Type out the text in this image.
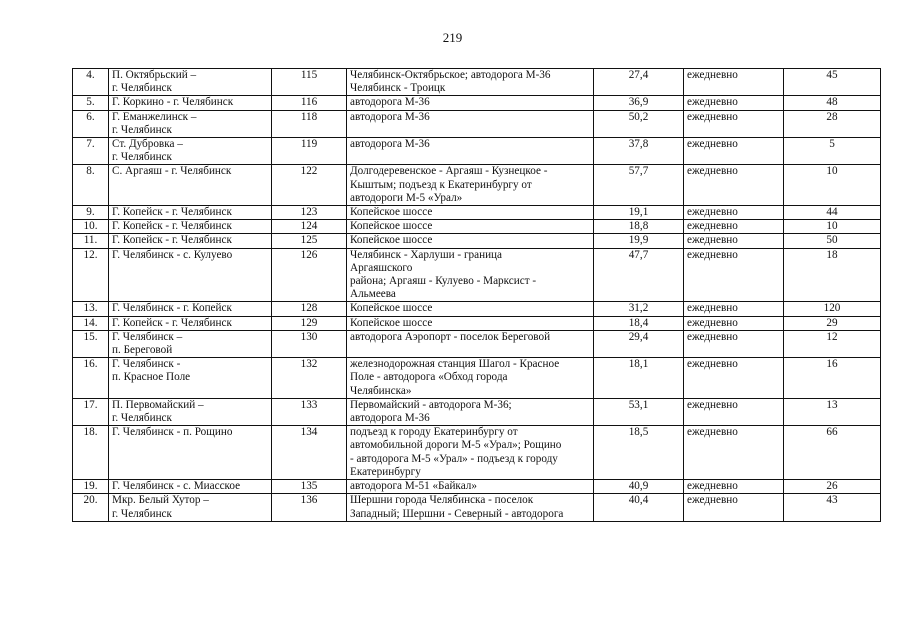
219
4.	П. Октябрьский –
г. Челябинск	115	Челябинск-Октябрьское; автодорога М-36
Челябинск - Троицк	27,4	ежедневно	45
5.	Г. Коркино - г. Челябинск	116	автодорога М-36	36,9	ежедневно	48
6.	Г. Еманжелинск –
г. Челябинск	118	автодорога М-36	50,2	ежедневно	28
7.	Ст. Дубровка –
г. Челябинск	119	автодорога М-36	37,8	ежедневно	5
8.	С. Аргаяш - г. Челябинск	122	Долгодеревенское - Аргаяш - Кузнецкое -
Кыштым; подъезд к Екатеринбургу от
автодороги М-5 «Урал»	57,7	ежедневно	10
9.	Г. Копейск - г. Челябинск	123	Копейское шоссе	19,1	ежедневно	44
10.	Г. Копейск - г. Челябинск	124	Копейское шоссе	18,8	ежедневно	10
11.	Г. Копейск - г. Челябинск	125	Копейское шоссе	19,9	ежедневно	50
12.	Г. Челябинск - с. Кулуево	126	Челябинск - Харлуши - граница
Аргаяшского
района; Аргаяш - Кулуево - Марксист -
Альмеева	47,7	ежедневно	18
13.	Г. Челябинск - г. Копейск	128	Копейское шоссе	31,2	ежедневно	120
14.	Г. Копейск - г. Челябинск	129	Копейское шоссе	18,4	ежедневно	29
15.	Г. Челябинск –
п. Береговой	130	автодорога Аэропорт - поселок Береговой	29,4	ежедневно	12
16.	Г. Челябинск -
п. Красное Поле	132	железнодорожная станция Шагол - Красное
Поле - автодорога «Обход города
Челябинска»	18,1	ежедневно	16
17.	П. Первомайский –
г. Челябинск	133	Первомайский - автодорога М-36;
автодорога М-36	53,1	ежедневно	13
18.	Г. Челябинск - п. Рощино	134	подъезд к городу Екатеринбургу от
автомобильной дороги М-5 «Урал»; Рощино
- автодорога М-5 «Урал» - подъезд к городу
Екатеринбургу	18,5	ежедневно	66
19.	Г. Челябинск - с. Миасское	135	автодорога М-51 «Байкал»	40,9	ежедневно	26
20.	Мкр. Белый Хутор –
г. Челябинск	136	Шершни города Челябинска - поселок
Западный; Шершни - Северный - автодорога	40,4	ежедневно	43
